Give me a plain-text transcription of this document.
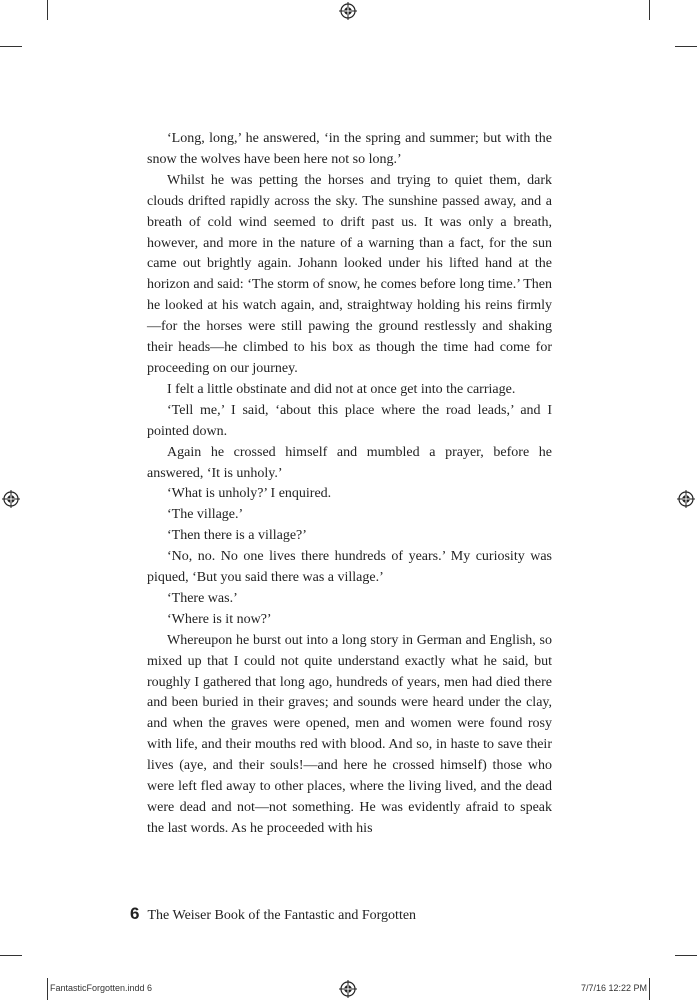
‘Long, long,’ he answered, ‘in the spring and summer; but with the snow the wolves have been here not so long.’

Whilst he was petting the horses and trying to quiet them, dark clouds drifted rapidly across the sky. The sunshine passed away, and a breath of cold wind seemed to drift past us. It was only a breath, however, and more in the nature of a warning than a fact, for the sun came out brightly again. Johann looked under his lifted hand at the horizon and said: ‘The storm of snow, he comes before long time.’ Then he looked at his watch again, and, straightway holding his reins firmly—for the horses were still pawing the ground restlessly and shaking their heads—he climbed to his box as though the time had come for proceeding on our journey.

I felt a little obstinate and did not at once get into the carriage.

‘Tell me,’ I said, ‘about this place where the road leads,’ and I pointed down.

Again he crossed himself and mumbled a prayer, before he answered, ‘It is unholy.’

‘What is unholy?’ I enquired.

‘The village.’

‘Then there is a village?’

‘No, no. No one lives there hundreds of years.’ My curiosity was piqued, ‘But you said there was a village.’

‘There was.’

‘Where is it now?’

Whereupon he burst out into a long story in German and English, so mixed up that I could not quite understand exactly what he said, but roughly I gathered that long ago, hundreds of years, men had died there and been buried in their graves; and sounds were heard under the clay, and when the graves were opened, men and women were found rosy with life, and their mouths red with blood. And so, in haste to save their lives (aye, and their souls!—and here he crossed himself) those who were left fled away to other places, where the living lived, and the dead were dead and not—not something. He was evidently afraid to speak the last words. As he proceeded with his

6 The Weiser Book of the Fantastic and Forgotten
FantasticForgotten.indd 6	7/7/16 12:22 PM
